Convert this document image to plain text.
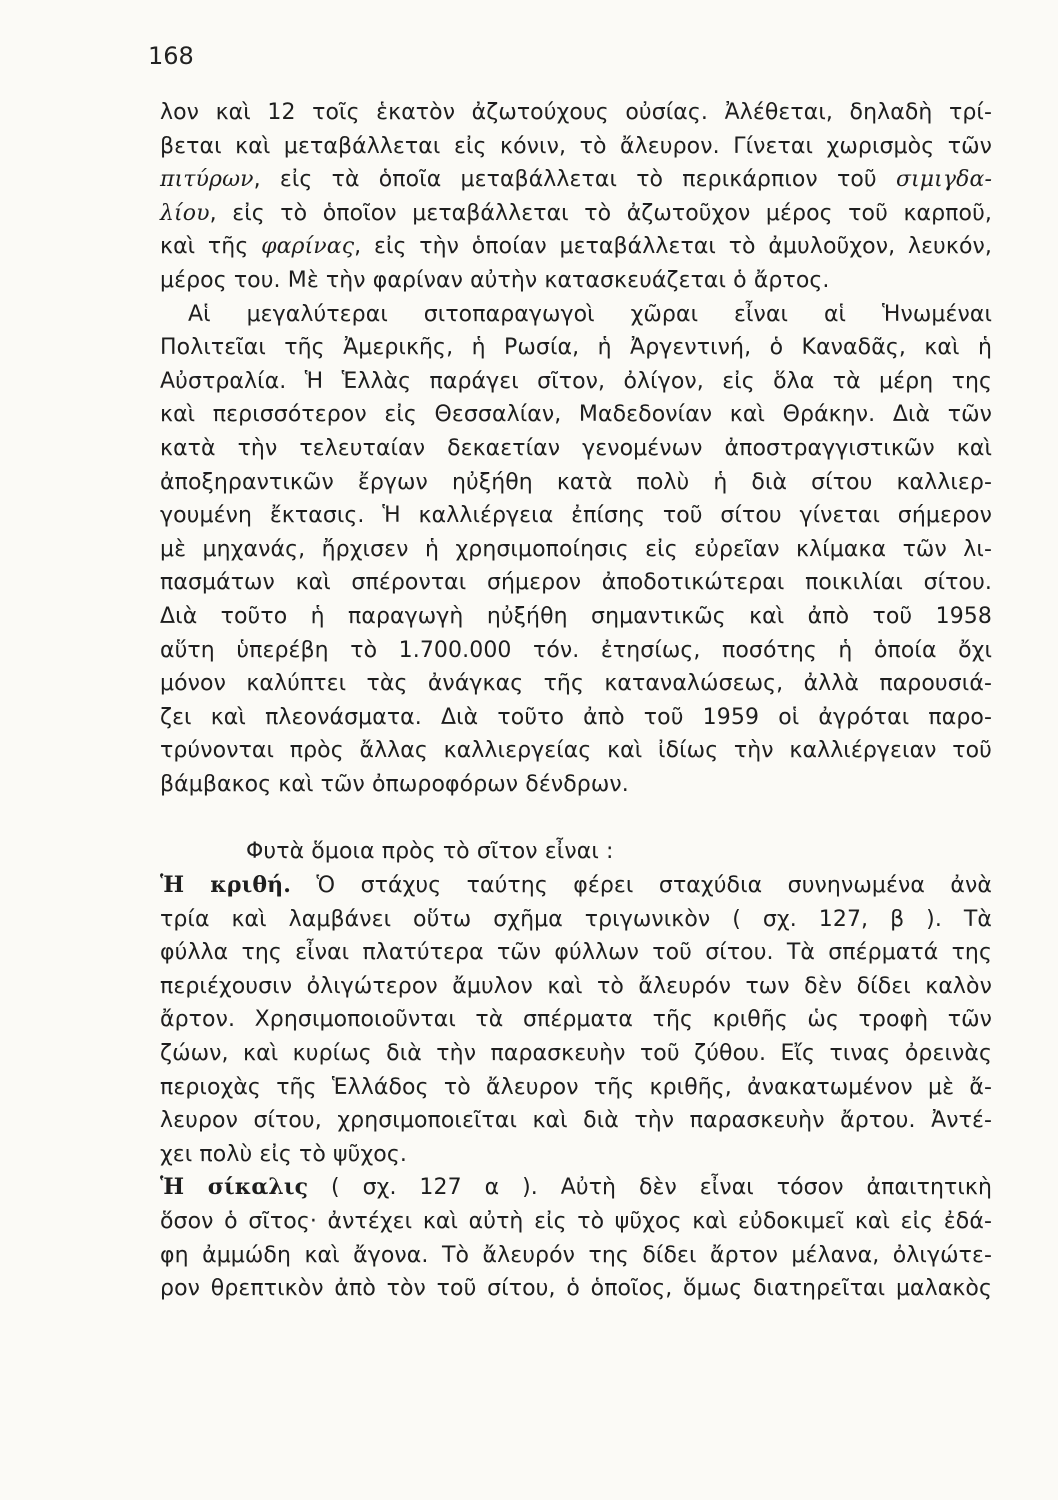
168
λον καὶ 12 τοῖς ἑκατὸν ἀζωτούχους οὐσίας. Ἀλέθεται, δηλαδὴ τρί-
βεται καὶ μεταβάλλεται εἰς κόνιν, τὸ ἄλευρον. Γίνεται χωρισμὸς τῶν
πιτύρων, εἰς τὰ ὁποῖα μεταβάλλεται τὸ περικάρπιον τοῦ σιμιγδα-
λίου, εἰς τὸ ὁποῖον μεταβάλλεται τὸ ἀζωτοῦχον μέρος τοῦ καρποῦ,
καὶ τῆς φαρίνας, εἰς τὴν ὁποίαν μεταβάλλεται τὸ ἀμυλοῦχον, λευκόν,
μέρος του. Μὲ τὴν φαρίναν αὐτὴν κατασκευάζεται ὁ ἄρτος.
Αἱ μεγαλύτεραι σιτοπαραγωγοὶ χῶραι εἶναι αἱ Ἡνωμέναι
Πολιτεῖαι τῆς Ἀμερικῆς, ἡ Ρωσία, ἡ Ἀργεντινή, ὁ Καναδᾶς, καὶ ἡ
Αὐστραλία. Ἡ Ἑλλὰς παράγει σῖτον, ὀλίγον, εἰς ὅλα τὰ μέρη της
καὶ περισσότερον εἰς Θεσσαλίαν, Μαδεδονίαν καὶ Θράκην. Διὰ τῶν
κατὰ τὴν τελευταίαν δεκαετίαν γενομένων ἀποστραγγιστικῶν καὶ
ἀποξηραντικῶν ἔργων ηὐξήθη κατὰ πολὺ ἡ διὰ σίτου καλλιερ-
γουμένη ἔκτασις. Ἡ καλλιέργεια ἐπίσης τοῦ σίτου γίνεται σήμερον
μὲ μηχανάς, ἤρχισεν ἡ χρησιμοποίησις εἰς εὐρεῖαν κλίμακα τῶν λι-
πασμάτων καὶ σπέρονται σήμερον ἀποδοτικώτεραι ποικιλίαι σίτου.
Διὰ τοῦτο ἡ παραγωγὴ ηὐξήθη σημαντικῶς καὶ ἀπὸ τοῦ 1958
αὕτη ὑπερέβη τὸ 1.700.000 τόν. ἐτησίως, ποσότης ἡ ὁποία ὄχι
μόνον καλύπτει τὰς ἀνάγκας τῆς καταναλώσεως, ἀλλὰ παρουσιά-
ζει καὶ πλεονάσματα. Διὰ τοῦτο ἀπὸ τοῦ 1959 οἱ ἀγρόται παρο-
τρύνονται πρὸς ἄλλας καλλιεργείας καὶ ἰδίως τὴν καλλιέργειαν τοῦ
βάμβακος καὶ τῶν ὀπωροφόρων δένδρων.
Φυτὰ ὅμοια πρὸς τὸ σῖτον εἶναι :
Ἡ κριθή. Ὁ στάχυς ταύτης φέρει σταχύδια συνηνωμένα ἀνὰ
τρία καὶ λαμβάνει οὕτω σχῆμα τριγωνικὸν ( σχ. 127, β ). Τὰ
φύλλα της εἶναι πλατύτερα τῶν φύλλων τοῦ σίτου. Τὰ σπέρματά της
περιέχουσιν ὀλιγώτερον ἄμυλον καὶ τὸ ἄλευρόν των δὲν δίδει καλὸν
ἄρτον. Χρησιμοποιοῦνται τὰ σπέρματα τῆς κριθῆς ὡς τροφὴ τῶν
ζώων, καὶ κυρίως διὰ τὴν παρασκευὴν τοῦ ζύθου. Εἴς τινας ὀρεινὰς
περιοχὰς τῆς Ἑλλάδος τὸ ἄλευρον τῆς κριθῆς, ἀνακατωμένον μὲ ἄ-
λευρον σίτου, χρησιμοποιεῖται καὶ διὰ τὴν παρασκευὴν ἄρτου. Ἀντέ-
χει πολὺ εἰς τὸ ψῦχος.
Ἡ σίκαλις ( σχ. 127 α ). Αὐτὴ δὲν εἶναι τόσον ἀπαιτητικὴ
ὅσον ὁ σῖτος· ἀντέχει καὶ αὐτὴ εἰς τὸ ψῦχος καὶ εὐδοκιμεῖ καὶ εἰς ἐδά-
φη ἀμμώδη καὶ ἄγονα. Τὸ ἄλευρόν της δίδει ἄρτον μέλανα, ὀλιγώτε-
ρον θρεπτικὸν ἀπὸ τὸν τοῦ σίτου, ὁ ὁποῖος, ὅμως διατηρεῖται μαλακὸς
